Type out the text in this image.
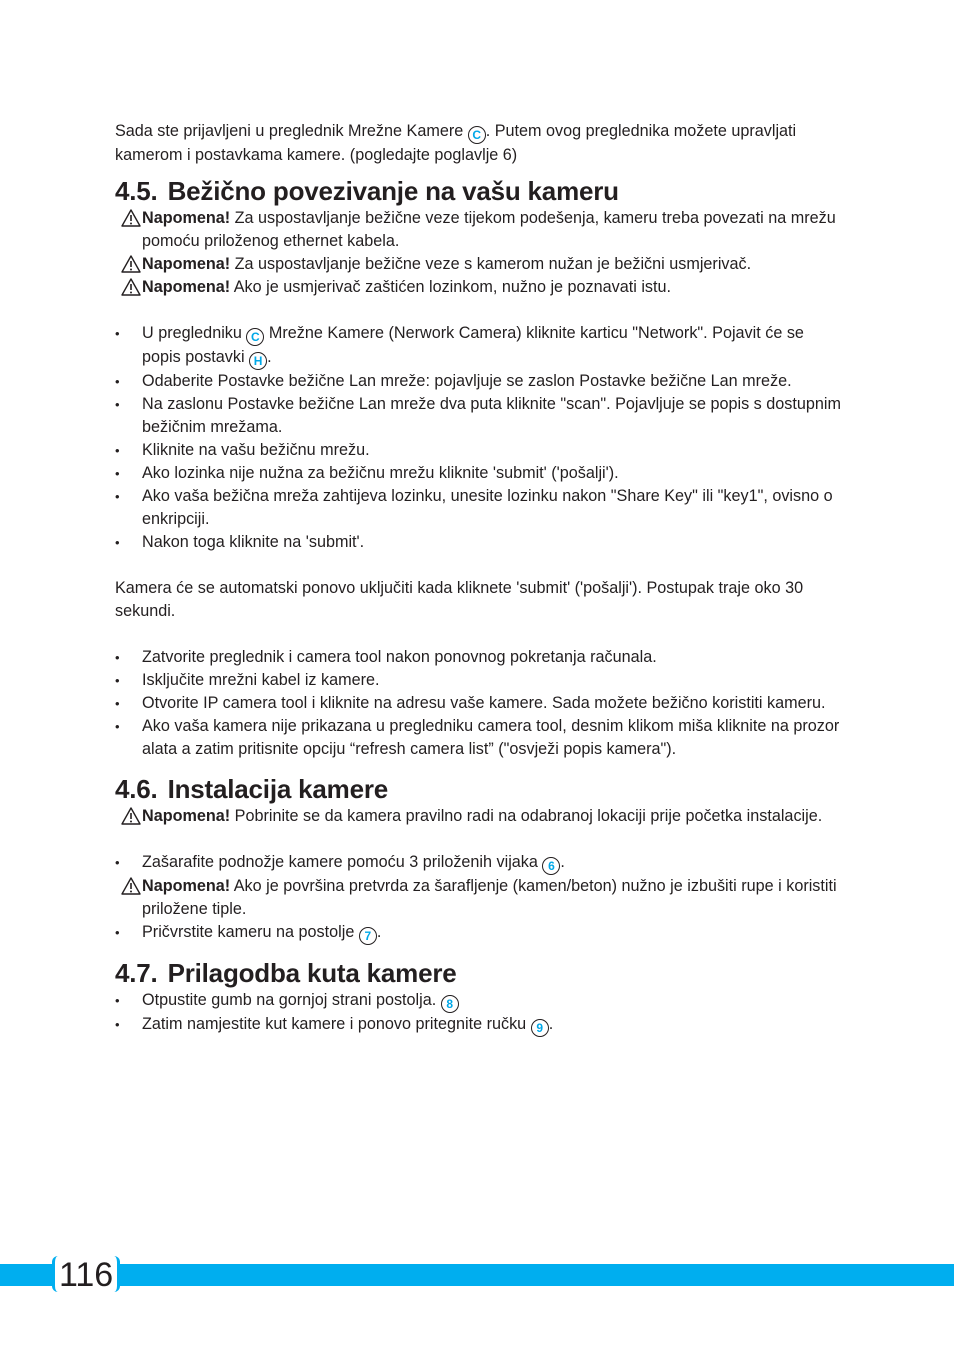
Sada ste prijavljeni u preglednik Mrežne Kamere C . Putem ovog preglednika možete upravljati kamerom i postavkama kamere. (pogledajte poglavlje 6)

4.5. Bežično povezivanje na vašu kameru

Napomena! Za uspostavljanje bežične veze tijekom podešenja, kameru treba povezati na mrežu pomoću priloženog ethernet kabela.

Napomena! Za uspostavljanje bežične veze s kamerom nužan je bežični usmjerivač.

Napomena! Ako je usmjerivač zaštićen lozinkom, nužno je poznavati istu.

• U pregledniku C Mrežne Kamere (Nerwork Camera) kliknite karticu "Network". Pojavit će se popis postavki H .
• Odaberite Postavke bežične Lan mreže: pojavljuje se zaslon Postavke bežične Lan mreže.
• Na zaslonu Postavke bežične Lan mreže dva puta kliknite "scan". Pojavljuje se popis s dostupnim bežičnim mrežama.
• Kliknite na vašu bežičnu mrežu.
• Ako lozinka nije nužna za bežičnu mrežu kliknite 'submit' ('pošalji').
• Ako vaša bežična mreža zahtijeva lozinku, unesite lozinku nakon "Share Key" ili "key1", ovisno o enkripciji.
• Nakon toga kliknite na 'submit'.

Kamera će se automatski ponovo uključiti kada kliknete 'submit' ('pošalji'). Postupak traje oko 30 sekundi.

• Zatvorite preglednik i camera tool nakon ponovnog pokretanja računala.
• Isključite mrežni kabel iz kamere.
• Otvorite IP camera tool i kliknite na adresu vaše kamere. Sada možete bežično koristiti kameru.
• Ako vaša kamera nije prikazana u pregledniku camera tool, desnim klikom miša kliknite na prozor alata a zatim pritisnite opciju “refresh camera list” ("osvježi popis kamera").
4.6. Instalacija kamere

Napomena! Pobrinite se da kamera pravilno radi na odabranoj lokaciji prije početka instalacije.

• Zašarafite podnožje kamere pomoću 3 priloženih vijaka 6 .

Napomena! Ako je površina pretvrda za šarafljenje (kamen/beton) nužno je izbušiti rupe i koristiti priložene tiple.

• Pričvrstite kameru na postolje 7 .
4.7. Prilagodba kuta kamere
• Otpustite gumb na gornjoj strani postolja. 8
• Zatim namjestite kut kamere i ponovo pritegnite ručku 9 .
116
